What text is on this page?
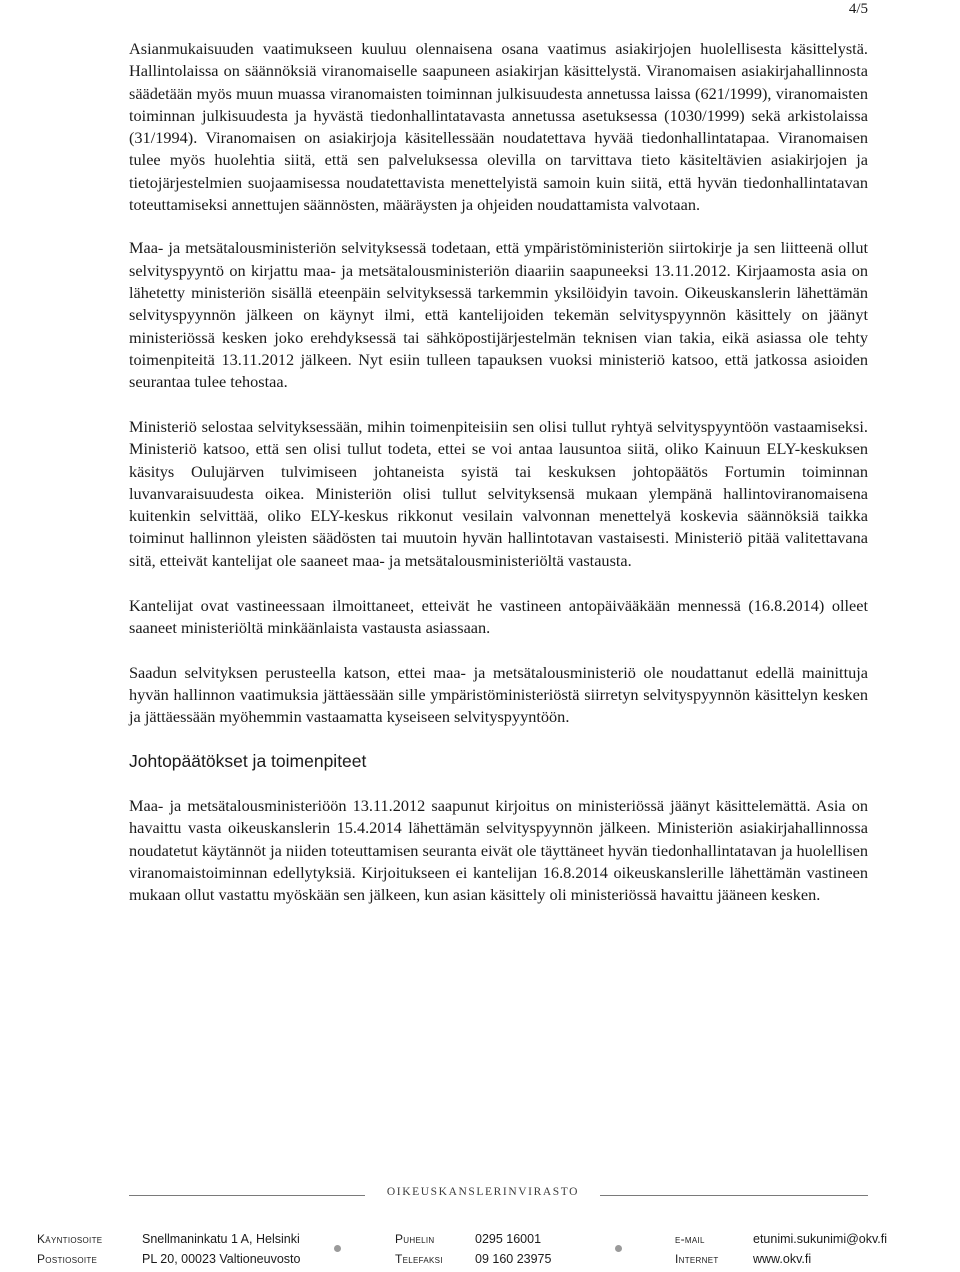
4/5

Asianmukaisuuden vaatimukseen kuuluu olennaisena osana vaatimus asiakirjojen huolellisesta käsittelystä. Hallintolaissa on säännöksiä viranomaiselle saapuneen asiakirjan käsittelystä. Viranomaisen asiakirjahallinnosta säädetään myös muun muassa viranomaisten toiminnan julkisuudesta annetussa laissa (621/1999), viranomaisten toiminnan julkisuudesta ja hyvästä tiedonhallintatavasta annetussa asetuksessa (1030/1999) sekä arkistolaissa (31/1994). Viranomaisen on asiakirjoja käsitellessään noudatettava hyvää tiedonhallintatapaa. Viranomaisen tulee myös huolehtia siitä, että sen palveluksessa olevilla on tarvittava tieto käsiteltävien asiakirjojen ja tietojärjestelmien suojaamisessa noudatettavista menettelyistä samoin kuin siitä, että hyvän tiedonhallintatavan toteuttamiseksi annettujen säännösten, määräysten ja ohjeiden noudattamista valvotaan.

Maa- ja metsätalousministeriön selvityksessä todetaan, että ympäristöministeriön siirtokirje ja sen liitteenä ollut selvityspyyntö on kirjattu maa- ja metsätalousministeriön diaariin saapuneeksi 13.11.2012. Kirjaamosta asia on lähetetty ministeriön sisällä eteenpäin selvityksessä tarkemmin yksilöidyin tavoin. Oikeuskanslerin lähettämän selvityspyynnön jälkeen on käynyt ilmi, että kantelijoiden tekemän selvityspyynnön käsittely on jäänyt ministeriössä kesken joko erehdyksessä tai sähköpostijärjestelmän teknisen vian takia, eikä asiassa ole tehty toimenpiteitä 13.11.2012 jälkeen. Nyt esiin tulleen tapauksen vuoksi ministeriö katsoo, että jatkossa asioiden seurantaa tulee tehostaa.

Ministeriö selostaa selvityksessään, mihin toimenpiteisiin sen olisi tullut ryhtyä selvityspyyntöön vastaamiseksi. Ministeriö katsoo, että sen olisi tullut todeta, ettei se voi antaa lausuntoa siitä, oliko Kainuun ELY-keskuksen käsitys Oulujärven tulvimiseen johtaneista syistä tai keskuksen johtopäätös Fortumin toiminnan luvanvaraisuudesta oikea. Ministeriön olisi tullut selvityksensä mukaan ylempänä hallintoviranomaisena kuitenkin selvittää, oliko ELY-keskus rikkonut vesilain valvonnan menettelyä koskevia säännöksiä taikka toiminut hallinnon yleisten säädösten tai muutoin hyvän hallintotavan vastaisesti. Ministeriö pitää valitettavana sitä, etteivät kantelijat ole saaneet maa- ja metsätalousministeriöltä vastausta.

Kantelijat ovat vastineessaan ilmoittaneet, etteivät he vastineen antopäivääkään mennessä (16.8.2014) olleet saaneet ministeriöltä minkäänlaista vastausta asiassaan.

Saadun selvityksen perusteella katson, ettei maa- ja metsätalousministeriö ole noudattanut edellä mainittuja hyvän hallinnon vaatimuksia jättäessään sille ympäristöministeriöstä siirretyn selvityspyynnön käsittelyn kesken ja jättäessään myöhemmin vastaamatta kyseiseen selvityspyyntöön.

Johtopäätökset ja toimenpiteet

Maa- ja metsätalousministeriöön 13.11.2012 saapunut kirjoitus on ministeriössä jäänyt käsittelemättä. Asia on havaittu vasta oikeuskanslerin 15.4.2014 lähettämän selvityspyynnön jälkeen. Ministeriön asiakirjahallinnossa noudatetut käytännöt ja niiden toteuttamisen seuranta eivät ole täyttäneet hyvän tiedonhallintatavan ja huolellisen viranomaistoiminnan edellytyksiä. Kirjoitukseen ei kantelijan 16.8.2014 oikeuskanslerille lähettämän vastineen mukaan ollut vastattu myöskään sen jälkeen, kun asian käsittely oli ministeriössä havaittu jääneen kesken.

OIKEUSKANSLERINVIRASTO
Käyntiosoite	Snellmaninkatu 1 A, Helsinki	Puhelin	0295 16001	e-mail	etunimi.sukunimi@okv.fi
Postiosoite	PL 20, 00023 Valtioneuvosto	Telefaksi	09 160 23975	Internet	www.okv.fi
